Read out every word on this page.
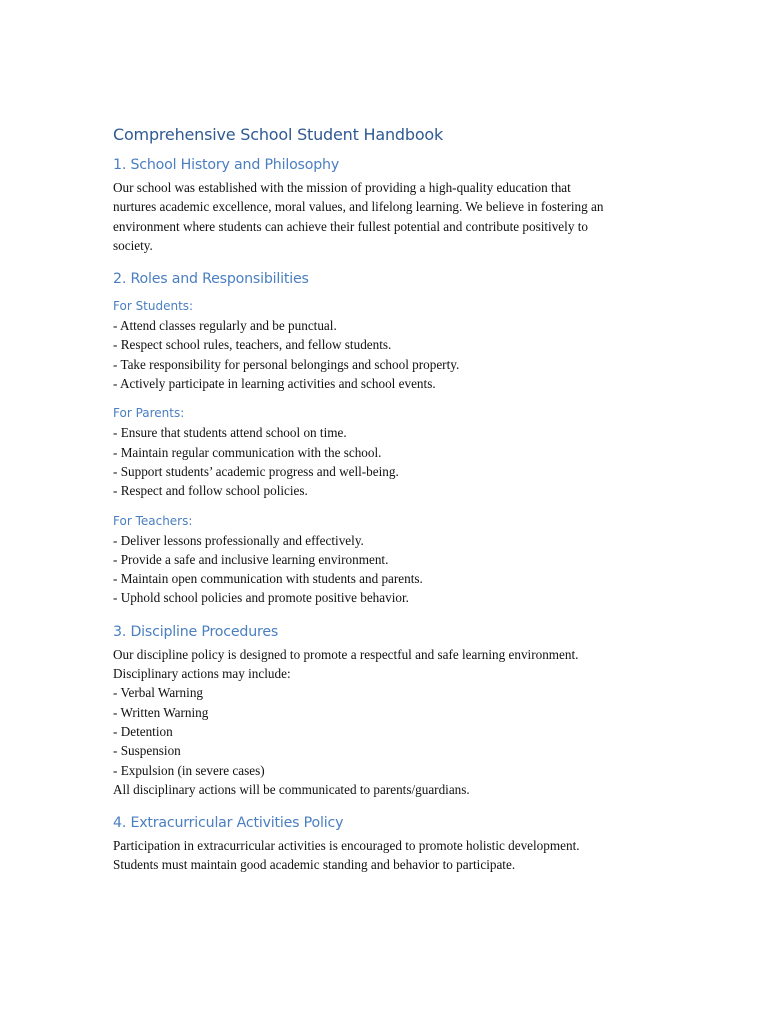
Comprehensive School Student Handbook
1. School History and Philosophy
Our school was established with the mission of providing a high-quality education that
nurtures academic excellence, moral values, and lifelong learning. We believe in fostering an
environment where students can achieve their fullest potential and contribute positively to
society.
2. Roles and Responsibilities
For Students:
- Attend classes regularly and be punctual.
- Respect school rules, teachers, and fellow students.
- Take responsibility for personal belongings and school property.
- Actively participate in learning activities and school events.
For Parents:
- Ensure that students attend school on time.
- Maintain regular communication with the school.
- Support students’ academic progress and well-being.
- Respect and follow school policies.
For Teachers:
- Deliver lessons professionally and effectively.
- Provide a safe and inclusive learning environment.
- Maintain open communication with students and parents.
- Uphold school policies and promote positive behavior.
3. Discipline Procedures
Our discipline policy is designed to promote a respectful and safe learning environment.
Disciplinary actions may include:
- Verbal Warning
- Written Warning
- Detention
- Suspension
- Expulsion (in severe cases)
All disciplinary actions will be communicated to parents/guardians.
4. Extracurricular Activities Policy
Participation in extracurricular activities is encouraged to promote holistic development.
Students must maintain good academic standing and behavior to participate.
